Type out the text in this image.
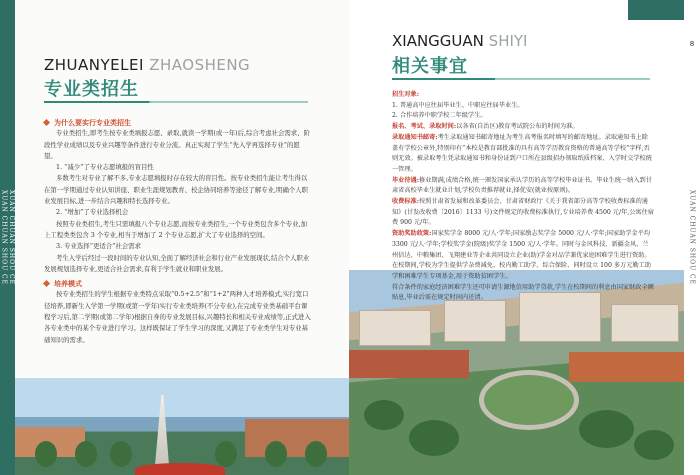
XUAN CHUAN SHOU CE
XUAN CHUAN SHOU CE
ZHUANYELEI ZHAOSHENG
专业类招生
为什么要实行专业类招生

专业类招生,即考生按专业类填报志愿、录取,就读一学期(或一年)后,综合考虑社会需求、阶段性学业成绩以及专业兴趣等条件进行专业分流。真正实现了学生“先入学再选择专业”的愿望。

1. “减少”了专业志愿填报的盲目性

多数考生对专业了解不多,专业志愿填报时存在较大的盲目性。按专业类招生能让考生得以在第一学期通过专业认知讲座、职业生涯规划教育、校企协同培养等途径了解专业,明确个人职业发展目标,进一步结合兴趣和特长选择专业。

2. “增加”了专业选择机会

按照专业类招生,考生只需填报八个专业志愿,而按专业类招生,一个专业类包含多个专业,加上工程类类包含 3 个专业,相当于增加了 2 个专业志愿,扩大了专业选择的空间。

3. 专业选择“更适合”社会需求

考生入学后经过一段时间的专业认知,全面了解经济社会和行业产业发展现状,结合个人职业发展规划选择专业,更适合社会需求,有利于学生就业和职业发展。

培养模式

按专业类招生的学生根据专业类特点采取“0.5+2.5”和“1+2”两种人才培养模式,实行宽口径培养,即新生入学第一学期(或第一学年)实行专业类培养(不分专业),在完成专业类基础平台课程学习后,第二学期(或第二学年)根据自身的专业发展目标,兴趣特长和相关专业成绩等,正式进入各专业类中的某个专业进行学习。这样既保证了学生学习的深度,又满足了专业类学生对专业基础知识的需求。

8
XUAN CHUAN SHOU CE
XIANGGUAN SHIYI
相关事宜

招生对象:

1. 普通高中应往届毕业生、中职应往届毕业生。

2. 合作培养中职学校二年级学生。

报名、考试、录取时间:以各省(自治区)教育考试院公布的时间为准。

录取通知书邮寄:考生录取通知书邮寄地址为考生高考报名时填写的邮寄地址。录取通知书上除盖有学校公章外,特别印有“本校是教育部批准的具有高等学历教育资格的普通高等学校”字样,否则无效。被录取考生凭录取通知书和身份证到户口所在县级招办领取纸质档案、入学时交学校统一管理。

毕业待遇:修业期满,成绩合格,统一颁发国家承认学历的高等学校毕业证书。毕业生统一纳入到甘肃省高校毕业生就业计划,学校负责推荐就业,择优安(就业按原则)。

收费标准:按照甘肃省发展和改革委员会、甘肃省财政厅《关于我省部分高等学校收费标准的通知》(甘发改收费〔2016〕1133 号)文件规定的收费标准执行,专业培养费 4500 元/年,公寓住宿费 900 元/年。

资助奖助政策:国家奖学金 8000 元/人·学年;国家励志奖学金 5000 元/人·学年;国家助学金平均 3300 元/人·学年;学校奖学金(院级)奖学金 1500 元/人·学年。同时与金风科技、新疆金风、兰州信达、中粮集团、飞翔建业等企业共同设立企业(助)学金对品学兼优家庭困难学生进行资助。在校期间,学校为学生提供学杂费减免、校内勤工助学、综合保险、同时设立 100 多万元勤工助学和困难学生专项基金,用于资助贫困学生。

符合条件的家庭经济困难学生还可申请生源地信用助学贷款,学生在校期间的利息由国家财政全额贴息,毕业后需在规定时间内还清。
